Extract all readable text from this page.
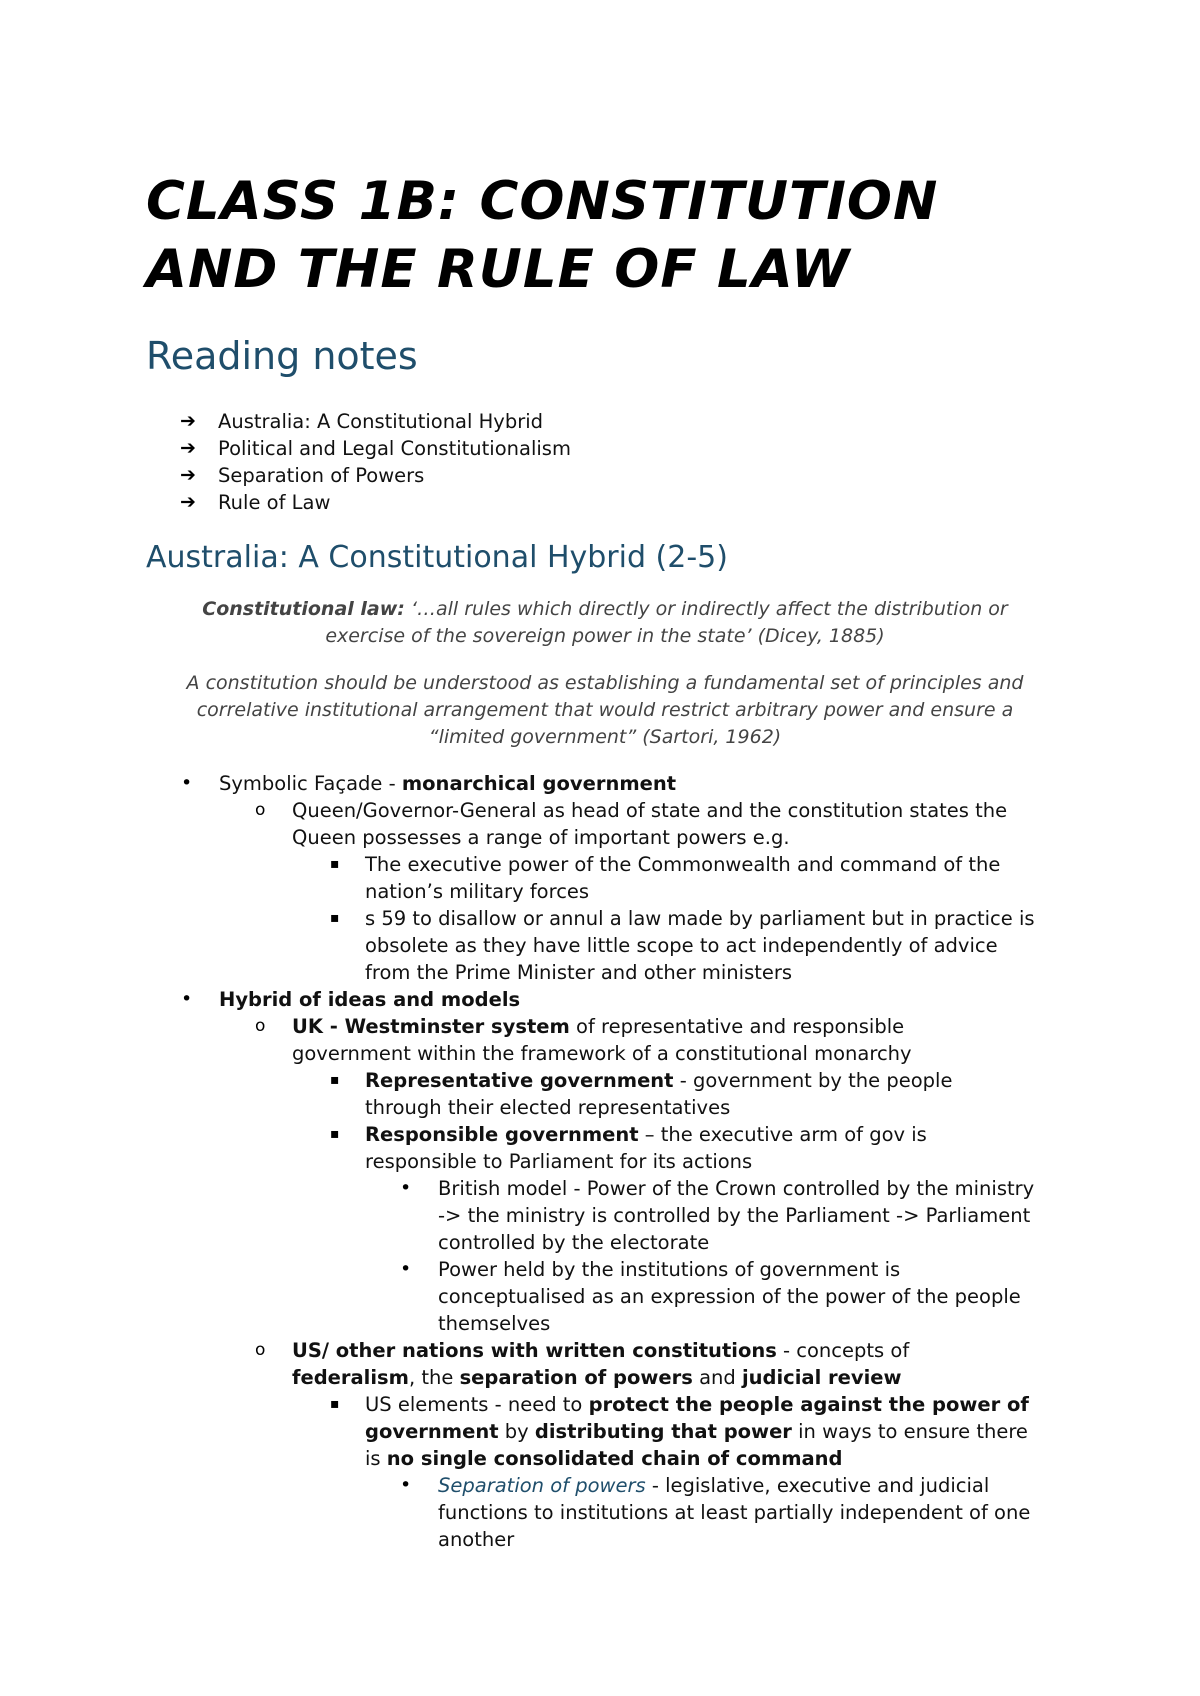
CLASS 1B: CONSTITUTION
AND THE RULE OF LAW
Reading notes
➔	Australia: A Constitutional Hybrid
➔	Political and Legal Constitutionalism
➔	Separation of Powers
➔	Rule of Law
Australia: A Constitutional Hybrid (2-5)

Constitutional law: ‘…all rules which directly or indirectly affect the distribution or
exercise of the sovereign power in the state’ (Dicey, 1885)

A constitution should be understood as establishing a fundamental set of principles and
correlative institutional arrangement that would restrict arbitrary power and ensure a
“limited government” (Sartori, 1962)

• Symbolic Façade - monarchical government
o Queen/Governor-General as head of state and the constitution states the
Queen possesses a range of important powers e.g.
▪ The executive power of the Commonwealth and command of the
nation’s military forces
▪ s 59 to disallow or annul a law made by parliament but in practice is
obsolete as they have little scope to act independently of advice
from the Prime Minister and other ministers
• Hybrid of ideas and models
o UK - Westminster system of representative and responsible
government within the framework of a constitutional monarchy
▪ Representative government - government by the people
through their elected representatives
▪ Responsible government – the executive arm of gov is
responsible to Parliament for its actions
• British model - Power of the Crown controlled by the ministry
-> the ministry is controlled by the Parliament -> Parliament
controlled by the electorate
• Power held by the institutions of government is
conceptualised as an expression of the power of the people
themselves
o US/ other nations with written constitutions - concepts of
federalism, the separation of powers and judicial review
▪ US elements - need to protect the people against the power of
government by distributing that power in ways to ensure there
is no single consolidated chain of command
• Separation of powers - legislative, executive and judicial
functions to institutions at least partially independent of one
another
